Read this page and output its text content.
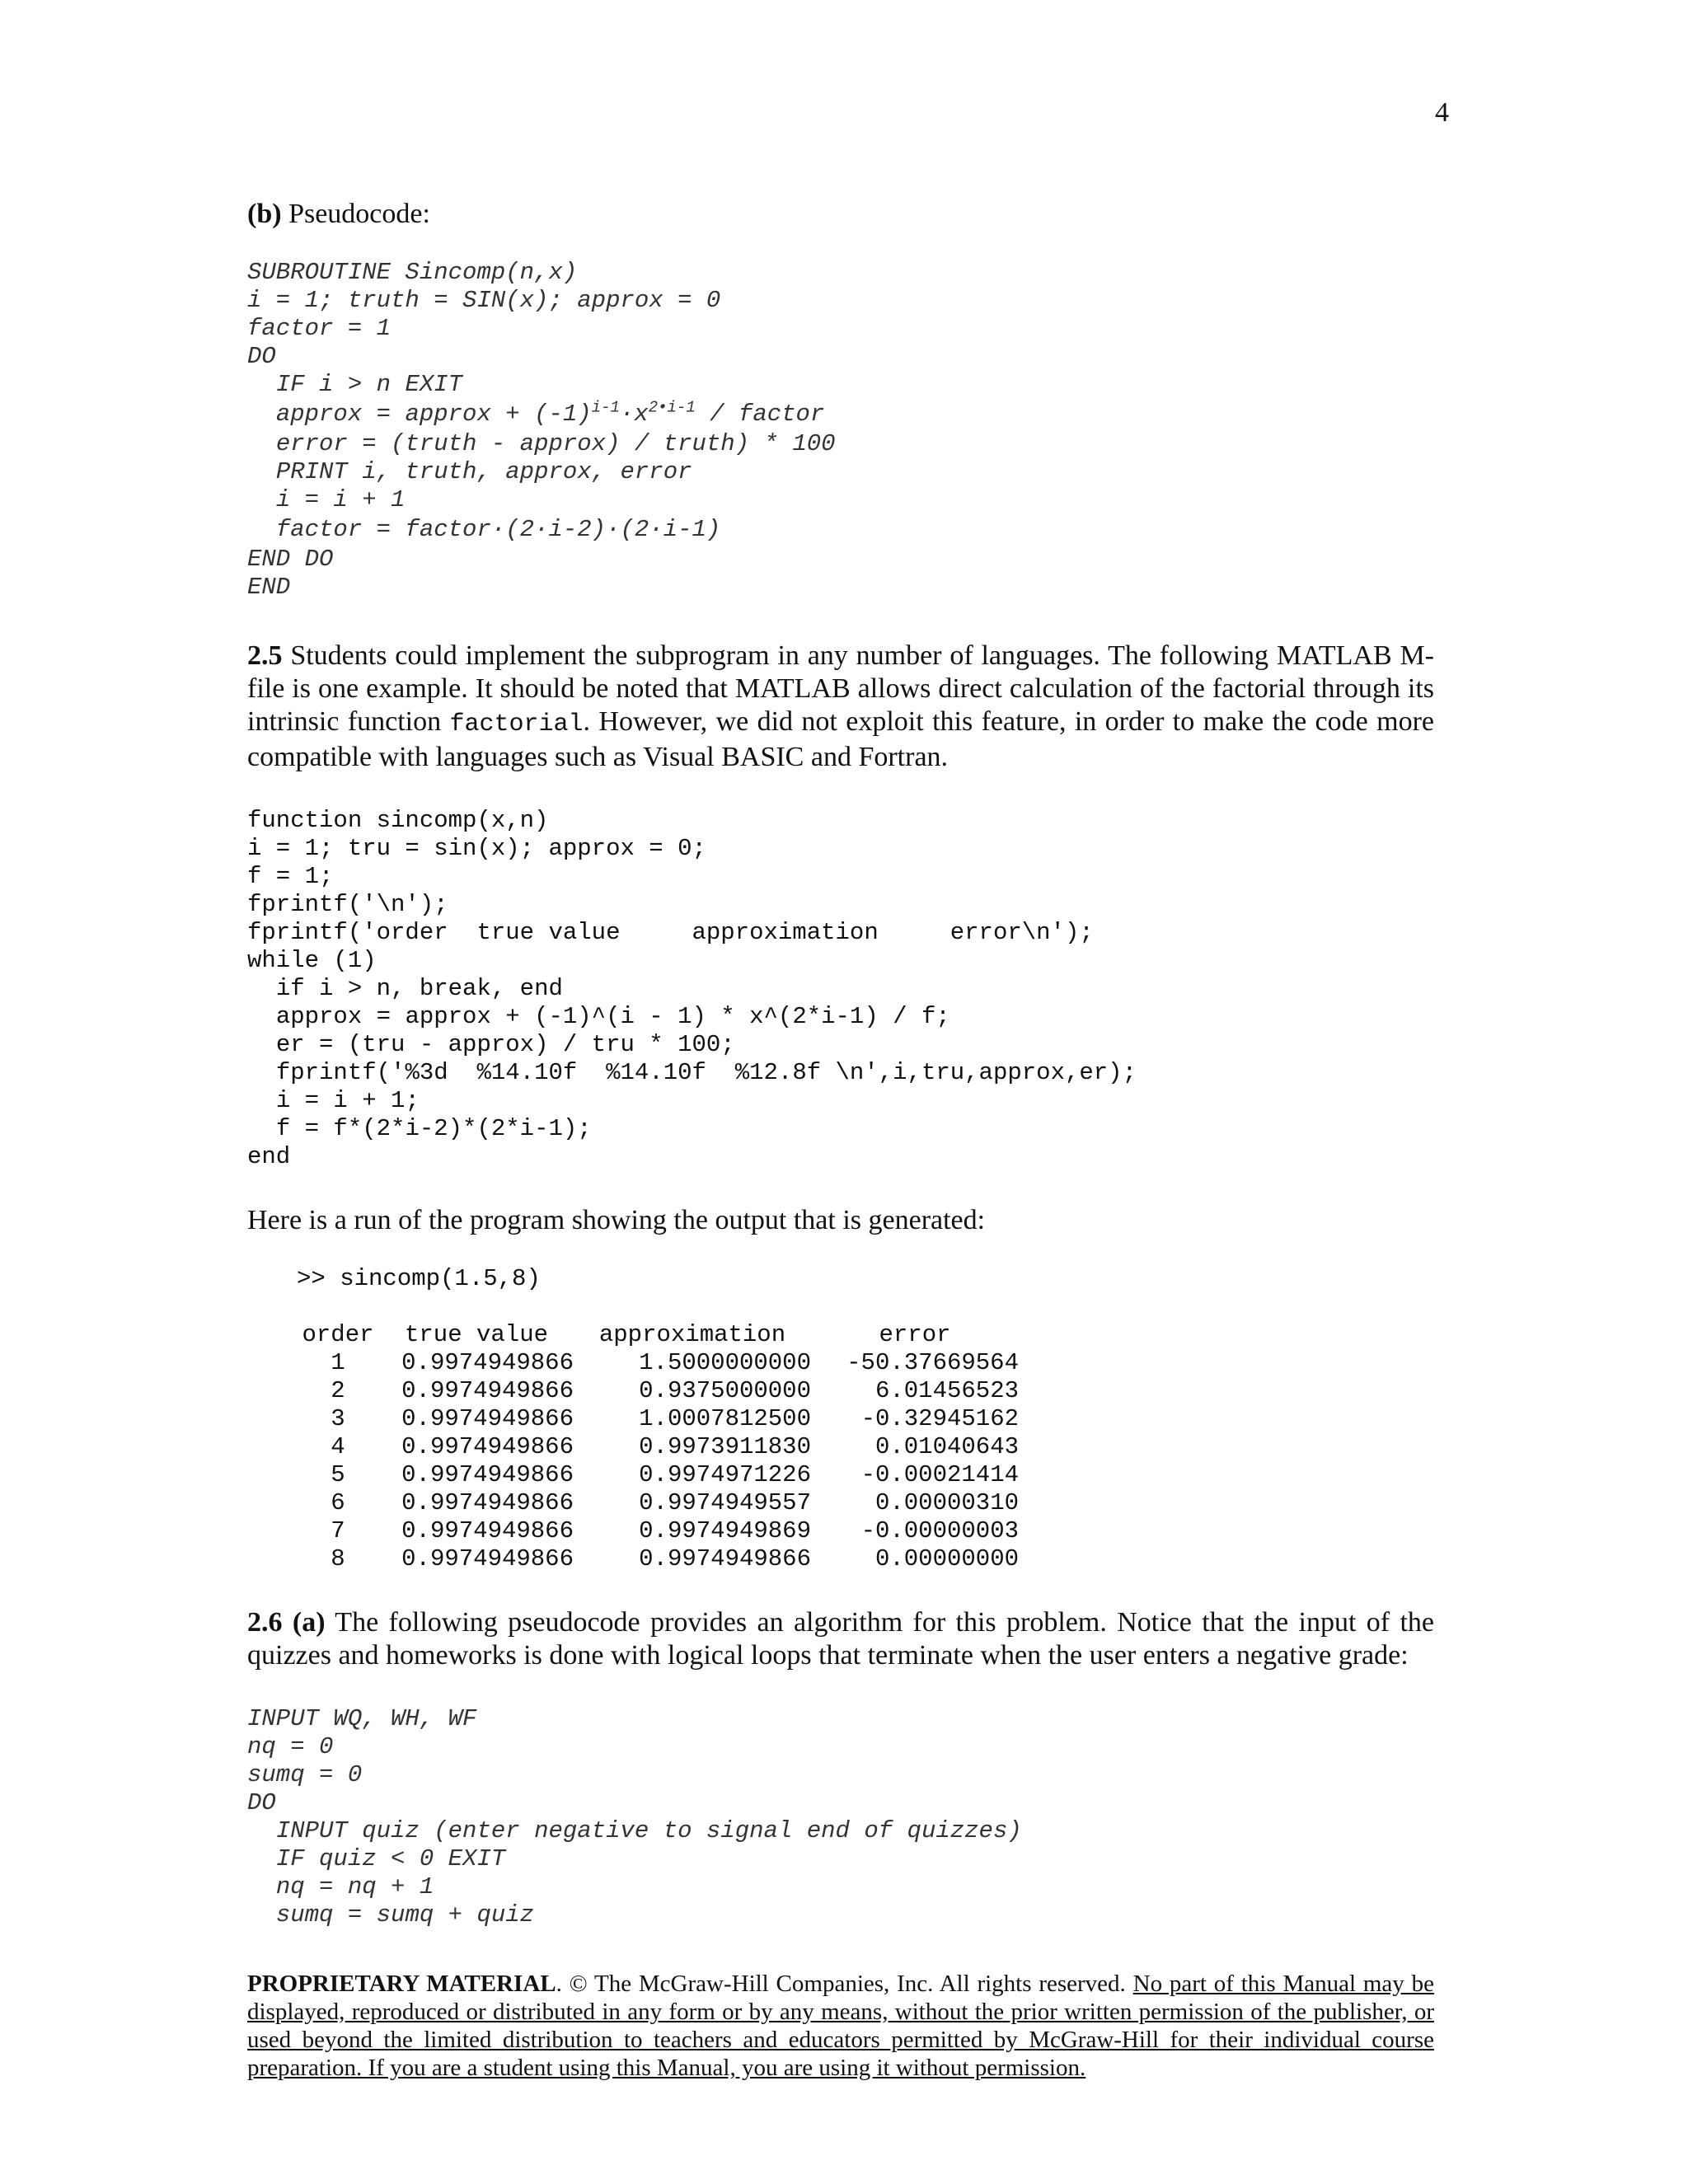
4

(b) Pseudocode:

SUBROUTINE Sincomp(n,x)
i = 1; truth = SIN(x); approx = 0
factor = 1
DO
IF i > n EXIT
approx = approx + $(-1)^{i-1}\cdot x^{2•i-1}$ / factor
error = (truth - approx) / truth) * 100
PRINT i, truth, approx, error
i = i + 1
factor = factor·(2·i-2)·(2·i-1)
END DO
END

2.5 Students could implement the subprogram in any number of languages. The following MATLAB M-file is one example. It should be noted that MATLAB allows direct calculation of the factorial through its intrinsic function factorial. However, we did not exploit this feature, in order to make the code more compatible with languages such as Visual BASIC and Fortran.

function sincomp(x,n)
i = 1; tru = sin(x); approx = 0;
f = 1;
fprintf('\n');
fprintf('order  true value     approximation     error\n');
while (1)
if i > n, break, end
approx = approx + (-1)^(i - 1) * x^(2*i-1) / f;
er = (tru - approx) / tru * 100;
fprintf('%3d  %14.10f  %14.10f  %12.8f \n',i,tru,approx,er);
i = i + 1;
f = f*(2*i-2)*(2*i-1);
end

Here is a run of the program showing the output that is generated:

>> sincomp(1.5,8)
order	true value	approximation	error
1	0.9974949866	1.5000000000	-50.37669564
2	0.9974949866	0.9375000000	6.01456523
3	0.9974949866	1.0007812500	-0.32945162
4	0.9974949866	0.9973911830	0.01040643
5	0.9974949866	0.9974971226	-0.00021414
6	0.9974949866	0.9974949557	0.00000310
7	0.9974949866	0.9974949869	-0.00000003
8	0.9974949866	0.9974949866	0.00000000

2.6 (a) The following pseudocode provides an algorithm for this problem. Notice that the input of the quizzes and homeworks is done with logical loops that terminate when the user enters a negative grade:

INPUT WQ, WH, WF
nq = 0
sumq = 0
DO
INPUT quiz (enter negative to signal end of quizzes)
IF quiz < 0 EXIT
nq = nq + 1
sumq = sumq + quiz
PROPRIETARY MATERIAL. © The McGraw-Hill Companies, Inc. All rights reserved. No part of this Manual may be displayed, reproduced or distributed in any form or by any means, without the prior written permission of the publisher, or used beyond the limited distribution to teachers and educators permitted by McGraw-Hill for their individual course preparation. If you are a student using this Manual, you are using it without permission.
